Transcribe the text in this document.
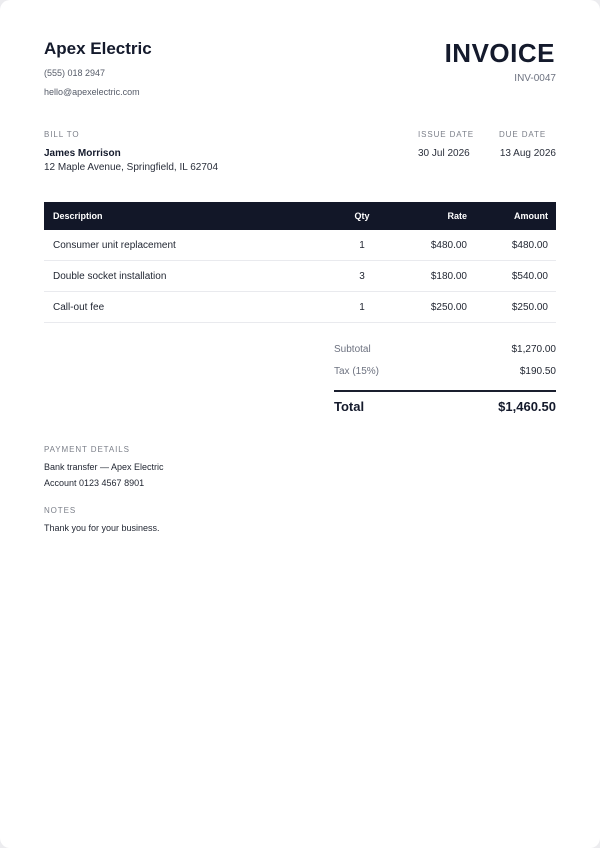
Apex Electric
(555) 018 2947
hello@apexelectric.com
INVOICE
INV-0047
BILL TO
James Morrison
12 Maple Avenue, Springfield, IL 62704
ISSUE DATE
30 Jul 2026
DUE DATE
13 Aug 2026
Description	Qty	Rate	Amount
Consumer unit replacement	1	$480.00	$480.00
Double socket installation	3	$180.00	$540.00
Call-out fee	1	$250.00	$250.00
Subtotal	$1,270.00
Tax (15%)	$190.50
Total	$1,460.50
PAYMENT DETAILS
Bank transfer — Apex Electric
Account 0123 4567 8901
NOTES
Thank you for your business.
